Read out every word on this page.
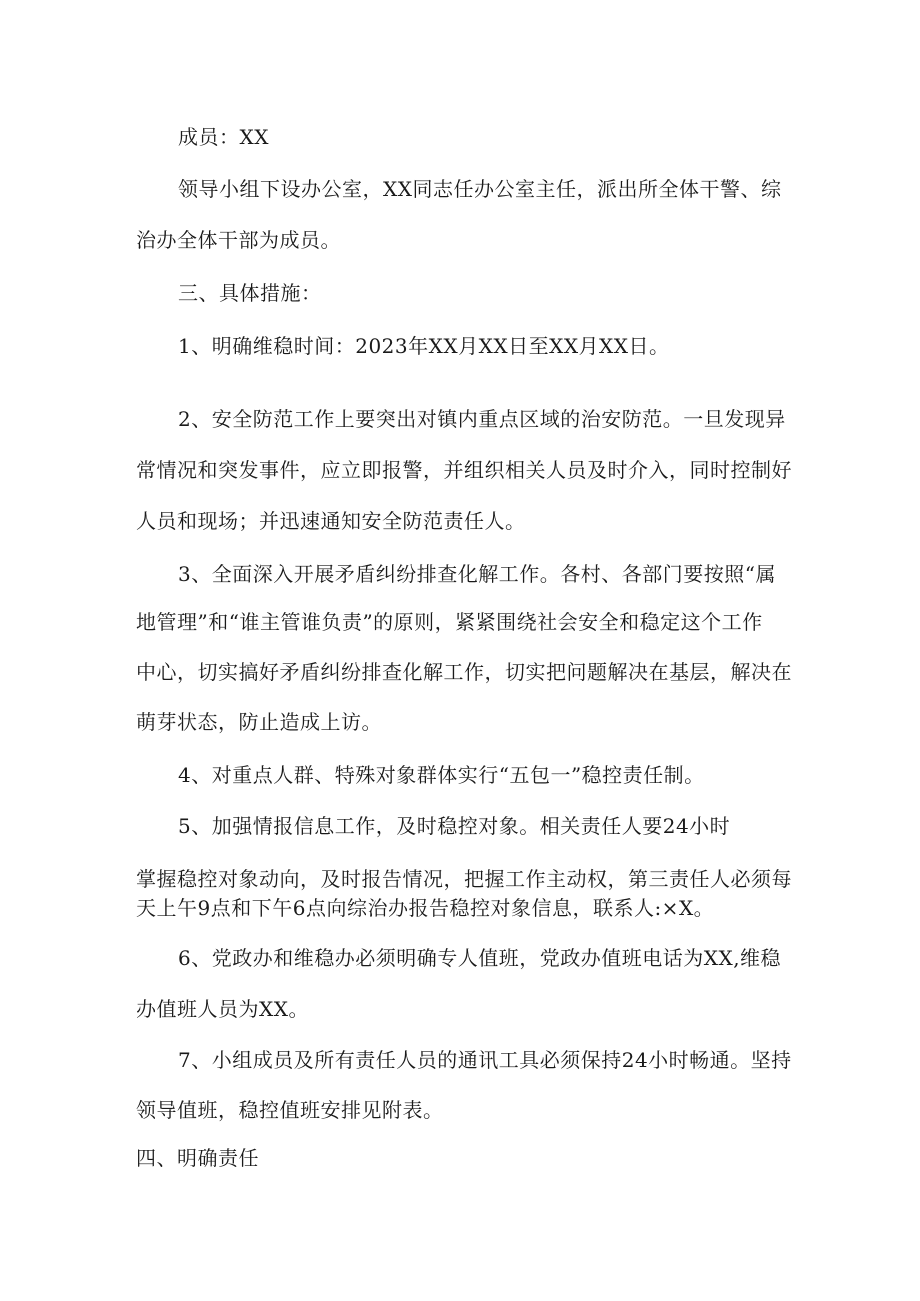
成员：XX
领导小组下设办公室，XX同志任办公室主任，派出所全体干警、综
治办全体干部为成员。
三、具体措施：
1、明确维稳时间：2023年XX月XX日至XX月XX日。
2、安全防范工作上要突出对镇内重点区域的治安防范。一旦发现异
常情况和突发事件，应立即报警，并组织相关人员及时介入，同时控制好
人员和现场；并迅速通知安全防范责任人。
3、全面深入开展矛盾纠纷排查化解工作。各村、各部门要按照“属
地管理”和“谁主管谁负责”的原则，紧紧围绕社会安全和稳定这个工作
中心，切实搞好矛盾纠纷排查化解工作，切实把问题解决在基层，解决在
萌芽状态，防止造成上访。
4、对重点人群、特殊对象群体实行“五包一”稳控责任制。
5、加强情报信息工作，及时稳控对象。相关责任人要24小时
掌握稳控对象动向，及时报告情况，把握工作主动权，第三责任人必须每
天上午9点和下午6点向综治办报告稳控对象信息，联系人:×X。
6、党政办和维稳办必须明确专人值班，党政办值班电话为XX,维稳
办值班人员为XX。
7、小组成员及所有责任人员的通讯工具必须保持24小时畅通。坚持
领导值班，稳控值班安排见附表。
四、明确责任
